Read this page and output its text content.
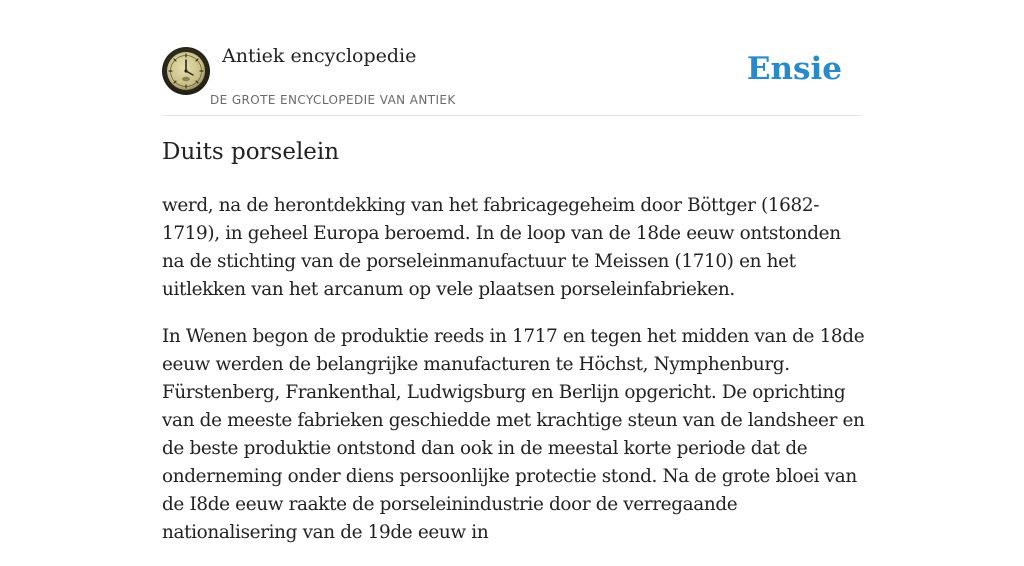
Antiek encyclopedie
DE GROTE ENCYCLOPEDIE VAN ANTIEK
Ensie
Duits porselein

werd, na de herontdekking van het fabricagegeheim door Böttger (1682-1719), in geheel Europa beroemd. In de loop van de 18de eeuw ontstonden na de stichting van de porseleinmanufactuur te Meissen (1710) en het uitlekken van het arcanum op vele plaatsen porseleinfabrieken.

In Wenen begon de produktie reeds in 1717 en tegen het midden van de 18de eeuw werden de belangrijke manufacturen te Höchst, Nymphenburg. Fürstenberg, Frankenthal, Ludwigsburg en Berlijn opgericht. De oprichting van de meeste fabrieken geschiedde met krachtige steun van de landsheer en de beste produktie ontstond dan ook in de meestal korte periode dat de onderneming onder diens persoonlijke protectie stond. Na de grote bloei van de I8de eeuw raakte de porseleinindustrie door de verregaande nationalisering van de 19de eeuw in
